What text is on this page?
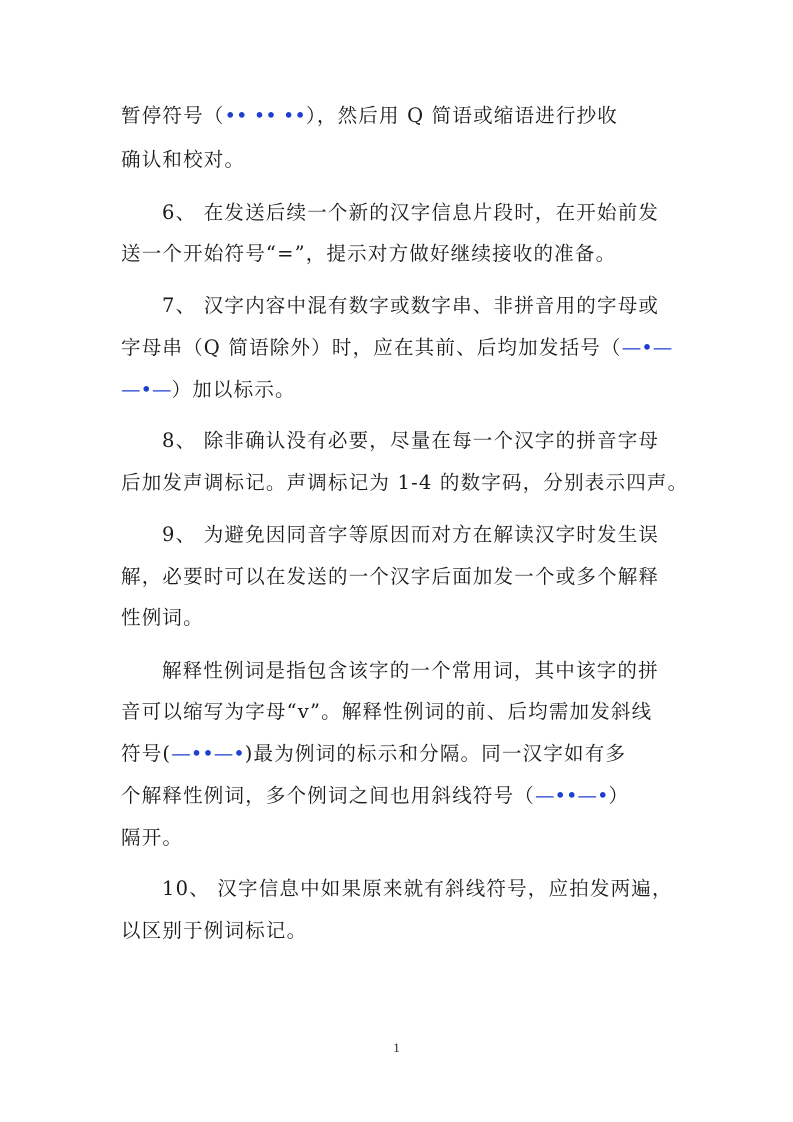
暂停符号（•• •• ••），然后用 Q 简语或缩语进行抄收
确认和校对。
6、 在发送后续一个新的汉字信息片段时，在开始前发
送一个开始符号“=”，提示对方做好继续接收的准备。
7、 汉字内容中混有数字或数字串、非拼音用的字母或
字母串（Q 简语除外）时，应在其前、后均加发括号（—•—
—•—）加以标示。
8、 除非确认没有必要，尽量在每一个汉字的拼音字母
后加发声调标记。声调标记为 1-4 的数字码，分别表示四声。
9、 为避免因同音字等原因而对方在解读汉字时发生误
解，必要时可以在发送的一个汉字后面加发一个或多个解释
性例词。
解释性例词是指包含该字的一个常用词，其中该字的拼
音可以缩写为字母“v”。解释性例词的前、后均需加发斜线
符号(—••—•)最为例词的标示和分隔。同一汉字如有多
个解释性例词，多个例词之间也用斜线符号（—••—•）
隔开。
10、 汉字信息中如果原来就有斜线符号，应拍发两遍，
以区别于例词标记。
1
